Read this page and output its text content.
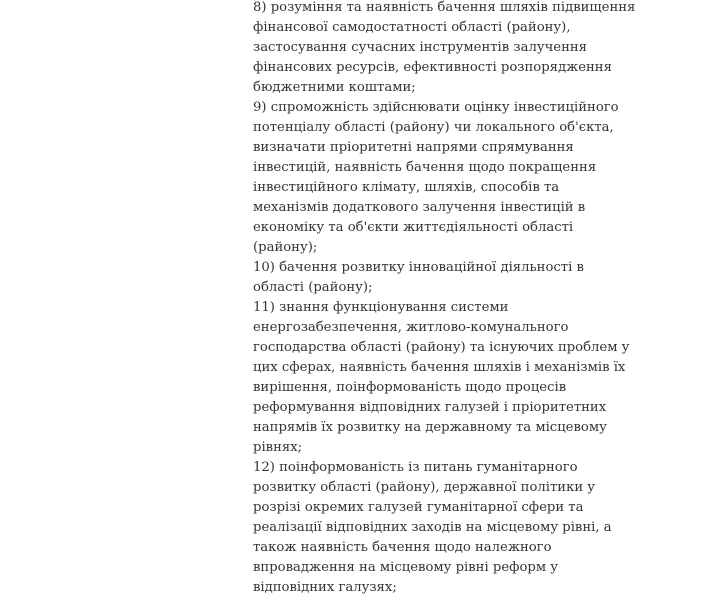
8) розуміння та наявність бачення шляхів підвищення
фінансової самодостатності області (району),
застосування сучасних інструментів залучення
фінансових ресурсів, ефективності розпорядження
бюджетними коштами;
9) спроможність здійснювати оцінку інвестиційного
потенціалу області (району) чи локального об'єкта,
визначати пріоритетні напрями спрямування
інвестицій, наявність бачення щодо покращення
інвестиційного клімату, шляхів, способів та
механізмів додаткового залучення інвестицій в
економіку та об'єкти життєдіяльності області
(району);
10) бачення розвитку інноваційної діяльності в
області (району);
11) знання функціонування системи
енергозабезпечення, житлово-комунального
господарства області (району) та існуючих проблем у
цих сферах, наявність бачення шляхів і механізмів їх
вирішення, поінформованість щодо процесів
реформування відповідних галузей і пріоритетних
напрямів їх розвитку на державному та місцевому
рівнях;
12) поінформованість із питань гуманітарного
розвитку області (району), державної політики у
розрізі окремих галузей гуманітарної сфери та
реалізації відповідних заходів на місцевому рівні, а
також наявність бачення щодо належного
впровадження на місцевому рівні реформ у
відповідних галузях;
